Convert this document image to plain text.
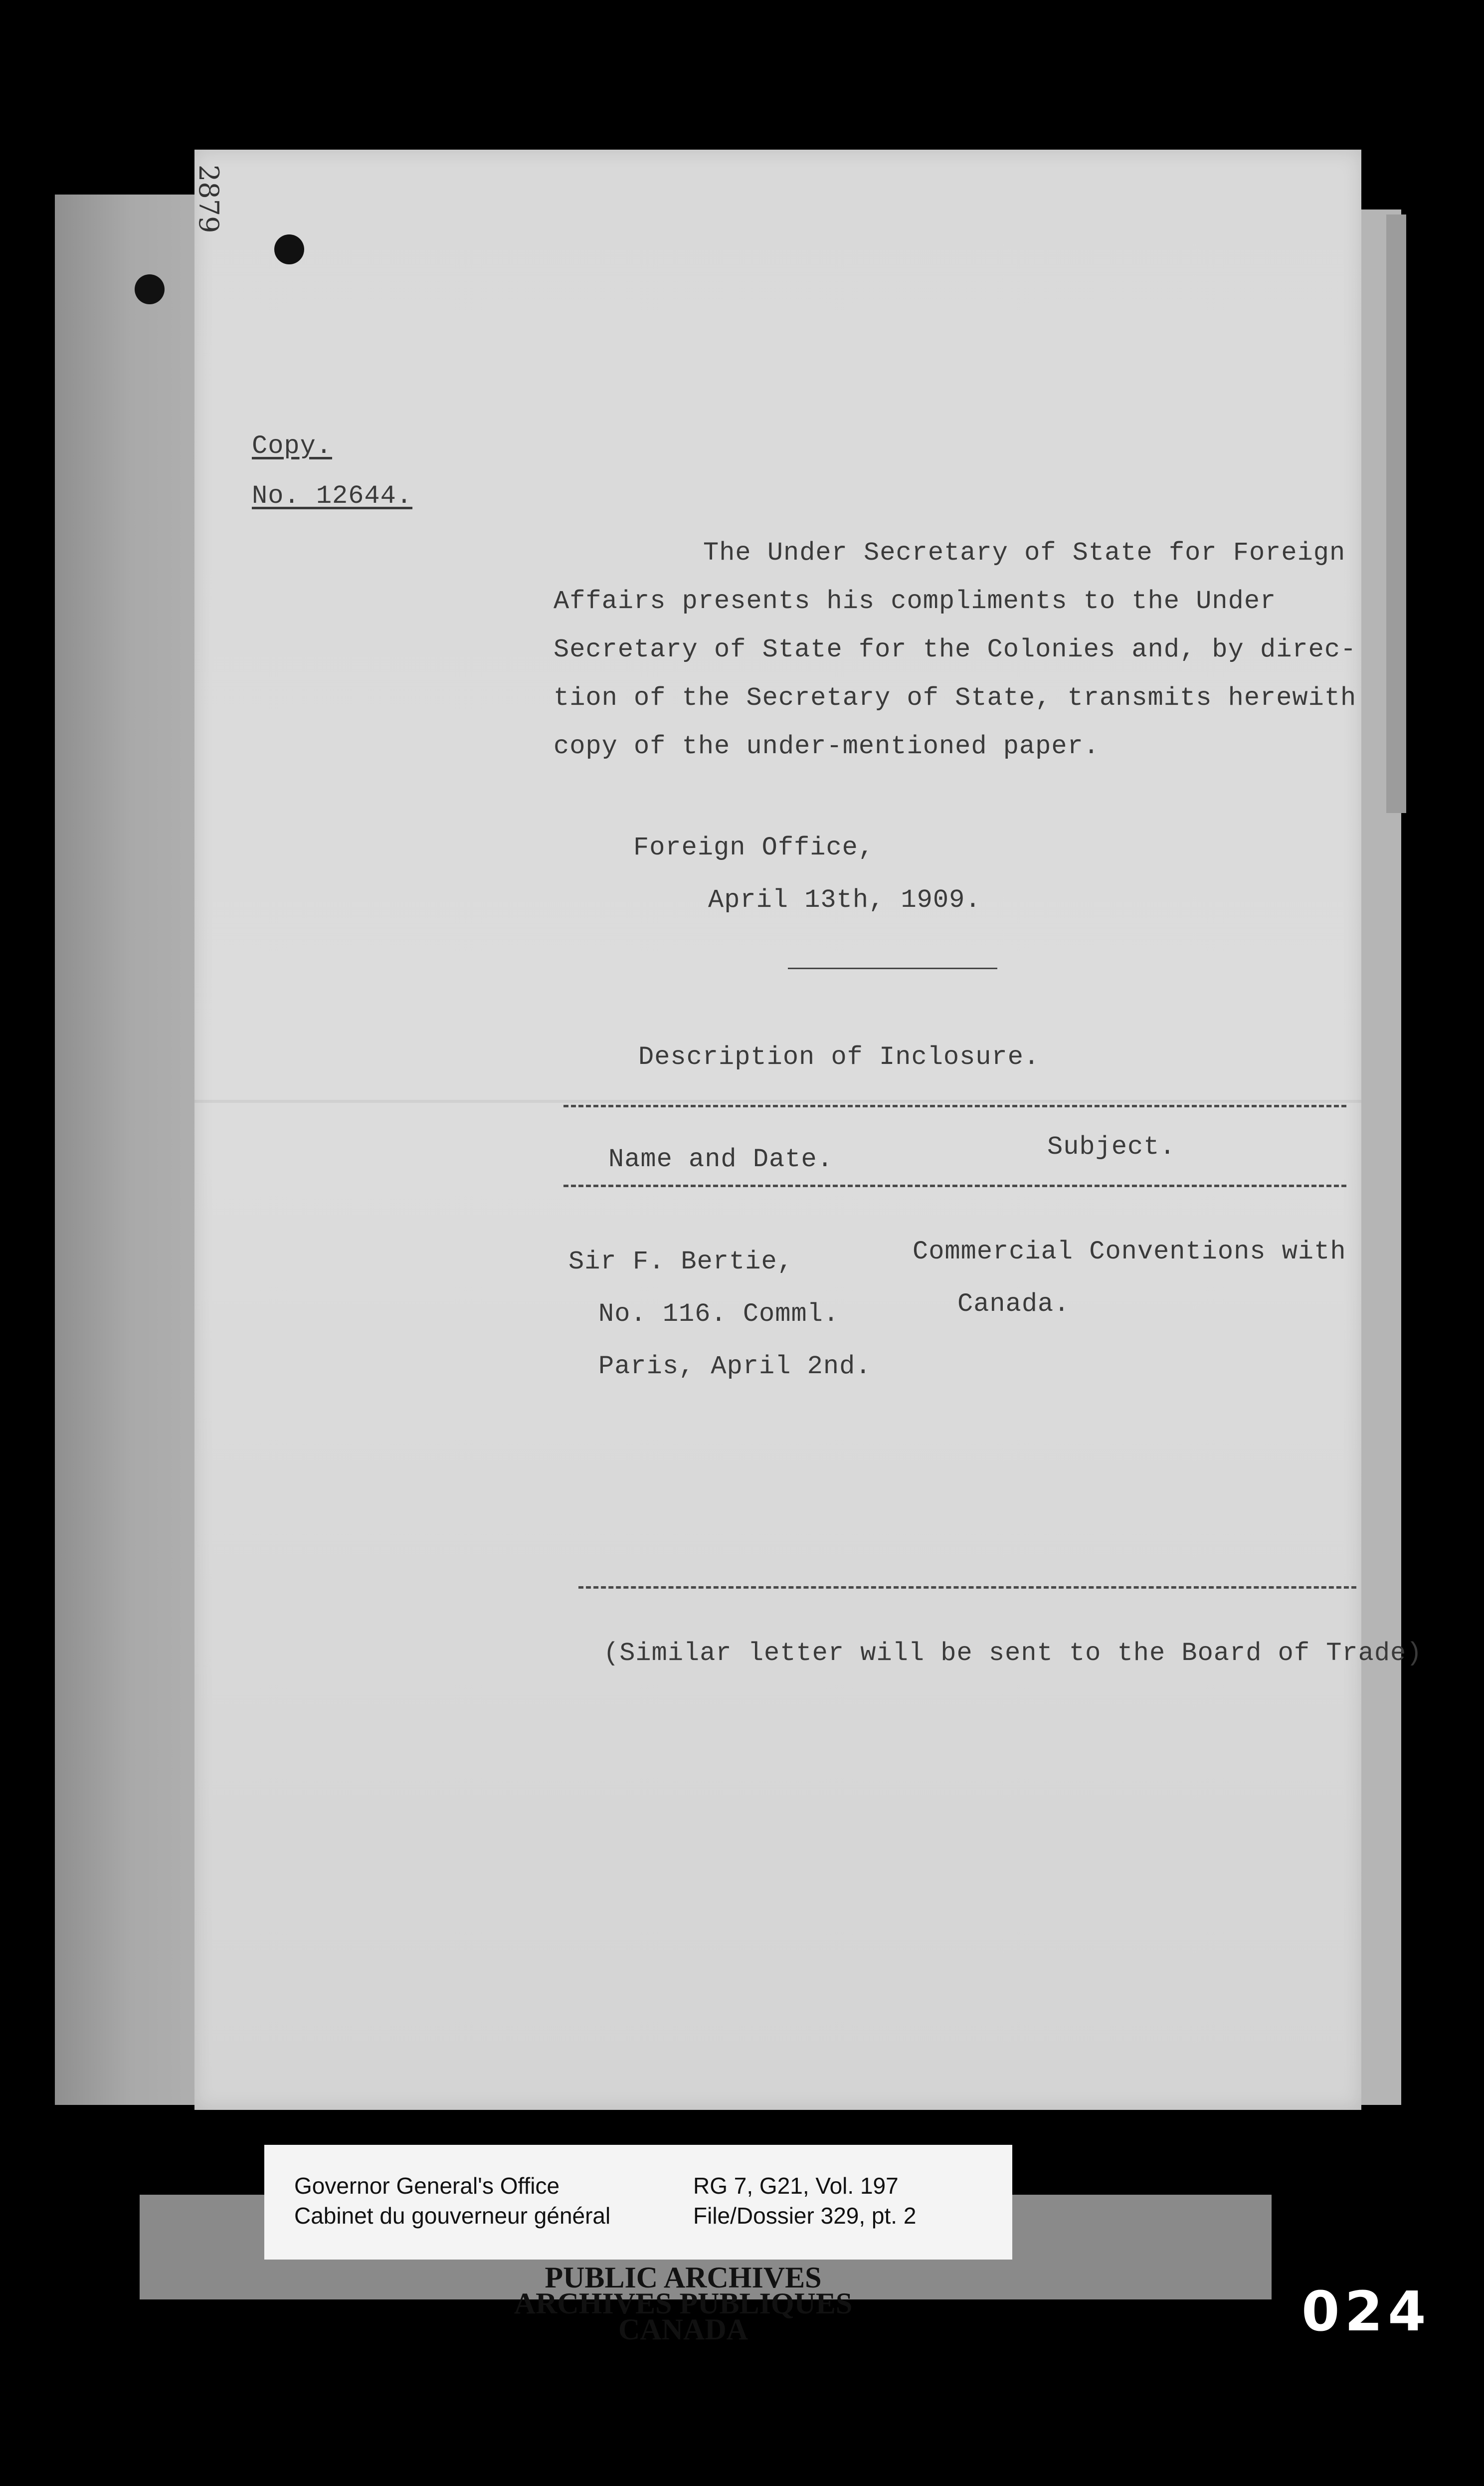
2879
Copy.
No. 12644.

The Under Secretary of State for Foreign

Affairs presents his compliments to the Under

Secretary of State for the Colonies and, by direc-

tion of the Secretary of State, transmits herewith

copy of the under-mentioned paper.

Foreign Office,
April 13th, 1909.
Description of Inclosure.
Name and Date.	Subject.
Sir F. Bertie,
No. 116. Comml.
Paris, April 2nd.
Commercial Conventions with
Canada.
(Similar letter will be sent to the Board of Trade)
Governor General's Office
Cabinet du gouverneur général
RG 7, G21, Vol. 197
File/Dossier 329, pt. 2
PUBLIC ARCHIVES
ARCHIVES PUBLIQUES
CANADA	024
